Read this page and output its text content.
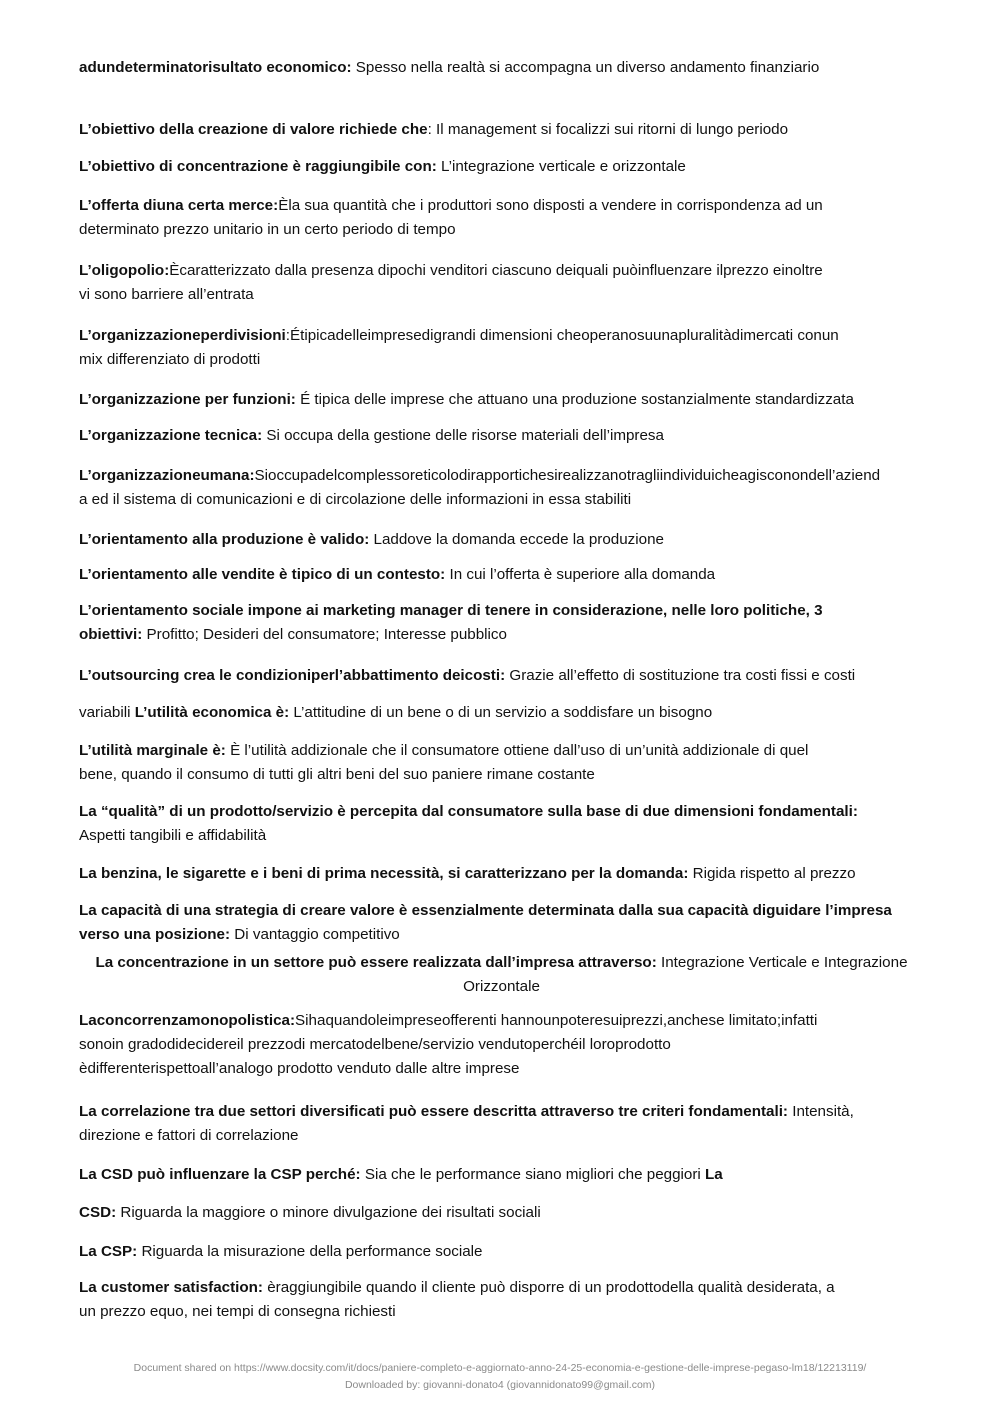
adundeterminatorisultato economico: Spesso nella realtà si accompagna un diverso andamento finanziario
L’obiettivo della creazione di valore richiede che: Il management si focalizzi sui ritorni di lungo periodo
L’obiettivo di concentrazione è raggiungibile con: L’integrazione verticale e orizzontale
L’offerta diuna certa merce:Èla sua quantità che i produttori sono disposti a vendere in corrispondenza ad un
determinato prezzo unitario in un certo periodo di tempo
L’oligopolio:Ècaratterizzato dalla presenza dipochi venditori ciascuno deiquali puòinfluenzare ilprezzo einoltre
vi sono barriere all’entrata
L’organizzazioneperdivisioni:Étipicadelleimpresedigrandi dimensioni cheoperanosuunapluralitàdimercati conun
mix differenziato di prodotti
L’organizzazione per funzioni: É tipica delle imprese che attuano una produzione sostanzialmente standardizzata
L’organizzazione tecnica: Si occupa della gestione delle risorse materiali dell’impresa
L’organizzazioneumana:Sioccupadelcomplessoreticolodirapportichesirealizzanotragliindividuicheagisconondell’aziend
a ed il sistema di comunicazioni e di circolazione delle informazioni in essa stabiliti
L’orientamento alla produzione è valido: Laddove la domanda eccede la produzione
L’orientamento alle vendite è tipico di un contesto: In cui l’offerta è superiore alla domanda
L’orientamento sociale impone ai marketing manager di tenere in considerazione, nelle loro politiche, 3
obiettivi: Profitto; Desideri del consumatore; Interesse pubblico
L’outsourcing crea le condizioniperl’abbattimento deicosti: Grazie all’effetto di sostituzione tra costi fissi e costi
variabili L’utilità economica è: L’attitudine di un bene o di un servizio a soddisfare un bisogno
L’utilità marginale è: È l’utilità addizionale che il consumatore ottiene dall’uso di un’unità addizionale di quel
bene, quando il consumo di tutti gli altri beni del suo paniere rimane costante
La “qualità” di un prodotto/servizio è percepita dal consumatore sulla base di due dimensioni fondamentali:
Aspetti tangibili e affidabilità
La benzina, le sigarette e i beni di prima necessità, si caratterizzano per la domanda: Rigida rispetto al prezzo
La capacità di una strategia di creare valore è essenzialmente determinata dalla sua capacità diguidare l’impresa
verso una posizione: Di vantaggio competitivo
La concentrazione in un settore può essere realizzata dall’impresa attraverso: Integrazione Verticale e Integrazione
Orizzontale
Laconcorrenzamonopolistica:Sihaquandoleimpreseofferenti hannounpoteresuiprezzi,anchese limitato;infatti
sonoin gradodidecidereil prezzodi mercatodelbene/servizio vendutoperchéil loroprodotto
èdifferenterispettoall’analogo prodotto venduto dalle altre imprese
La correlazione tra due settori diversificati può essere descritta attraverso tre criteri fondamentali: Intensità,
direzione e fattori di correlazione
La CSD può influenzare la CSP perché: Sia che le performance siano migliori che peggiori La
CSD: Riguarda la maggiore o minore divulgazione dei risultati sociali
La CSP: Riguarda la misurazione della performance sociale
La customer satisfaction: èraggiungibile quando il cliente può disporre di un prodottodella qualità desiderata, a
un prezzo equo, nei tempi di consegna richiesti
Document shared on https://www.docsity.com/it/docs/paniere-completo-e-aggiornato-anno-24-25-economia-e-gestione-delle-imprese-pegaso-lm18/12213119/
Downloaded by: giovanni-donato4 (giovannidonato99@gmail.com)
